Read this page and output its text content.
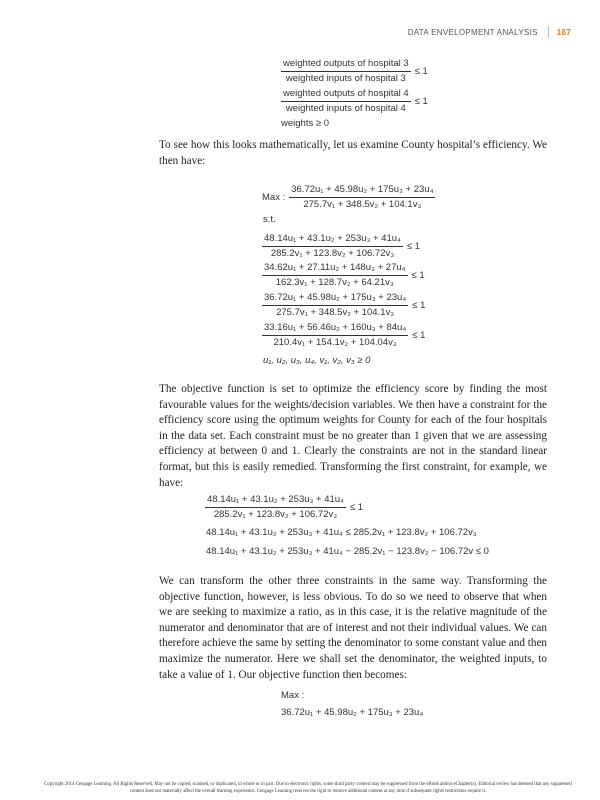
DATA ENVELOPMENT ANALYSIS 187
$\frac{\text{weighted outputs of hospital 3}}{\text{weighted inputs of hospital 3}} \le 1$
$\frac{\text{weighted outputs of hospital 4}}{\text{weighted inputs of hospital 4}} \le 1$
weights ≥ 0
To see how this looks mathematically, let us examine County hospital’s efficiency. We then have:
Max : $\frac{\text{36.72u₁ + 45.98u₂ + 175u₃ + 23u₄}}{\text{275.7v₁ + 348.5v₂ + 104.1v₃}}$
s.t.
$\frac{\text{48.14u₁ + 43.1u₂ + 253u₃ + 41u₄}}{\text{285.2v₁ + 123.8v₂ + 106.72v₃}} \le 1$
$\frac{\text{34.62u₁ + 27.11u₂ + 148u₃ + 27u₄}}{\text{162.3v₁ + 128.7v₂ + 64.21v₃}} \le 1$
$\frac{\text{36.72u₁ + 45.98u₂ + 175u₃ + 23u₄}}{\text{275.7v₁ + 348.5v₂ + 104.1v₃}} \le 1$
$\frac{\text{33.16u₁ + 56.46u₂ + 160u₃ + 84u₄}}{\text{210.4v₁ + 154.1v₂ + 104.04v₃}} \le 1$
u₁, u₂, u₃, u₄, v₁, v₂, v₃ ≥ 0
The objective function is set to optimize the efficiency score by finding the most favourable values for the weights/decision variables. We then have a constraint for the efficiency score using the optimum weights for County for each of the four hospitals in the data set. Each constraint must be no greater than 1 given that we are assessing efficiency at between 0 and 1. Clearly the constraints are not in the standard linear format, but this is easily remedied. Transforming the first constraint, for example, we have:
$\frac{\text{48.14u₁ + 43.1u₂ + 253u₃ + 41u₄}}{\text{285.2v₁ + 123.8v₂ + 106.72v₃}} \le 1$
48.14u₁ + 43.1u₂ + 253u₃ + 41u₄ ≤ 285.2v₁ + 123.8v₂ + 106.72v₃
48.14u₁ + 43.1u₂ + 253u₃ + 41u₄ − 285.2v₁ − 123.8v₂ − 106.72v ≤ 0
We can transform the other three constraints in the same way. Transforming the objective function, however, is less obvious. To do so we need to observe that when we are seeking to maximize a ratio, as in this case, it is the relative magnitude of the numerator and denominator that are of interest and not their individual values. We can therefore achieve the same by setting the denominator to some constant value and then maximize the numerator. Here we shall set the denominator, the weighted inputs, to take a value of 1. Our objective function then becomes:
Max :
36.72u₁ + 45.98u₂ + 175u₃ + 23u₄
Copyright 2014 Cengage Learning. All Rights Reserved. May not be copied, scanned, or duplicated, in whole or in part. Due to electronic rights, some third party content may be suppressed from the eBook and/or eChapter(s). Editorial review has deemed that any suppressed content does not materially affect the overall learning experience. Cengage Learning reserves the right to remove additional content at any time if subsequent rights restrictions require it.
